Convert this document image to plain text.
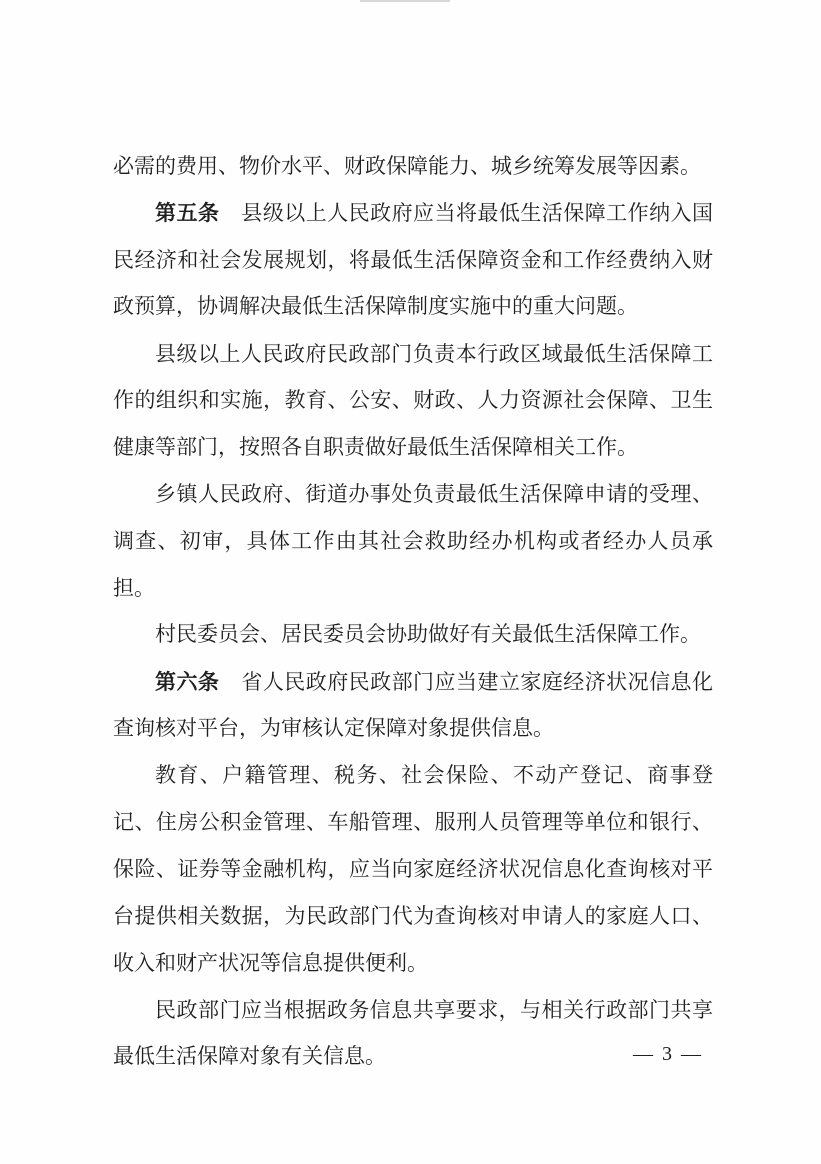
必需的费用、物价水平、财政保障能力、城乡统筹发展等因素。
第五条 县级以上人民政府应当将最低生活保障工作纳入国
民经济和社会发展规划，将最低生活保障资金和工作经费纳入财
政预算，协调解决最低生活保障制度实施中的重大问题。
县级以上人民政府民政部门负责本行政区域最低生活保障工
作的组织和实施，教育、公安、财政、人力资源社会保障、卫生
健康等部门，按照各自职责做好最低生活保障相关工作。
乡镇人民政府、街道办事处负责最低生活保障申请的受理、
调查、初审，具体工作由其社会救助经办机构或者经办人员承
担。
村民委员会、居民委员会协助做好有关最低生活保障工作。
第六条 省人民政府民政部门应当建立家庭经济状况信息化
查询核对平台，为审核认定保障对象提供信息。
教育、户籍管理、税务、社会保险、不动产登记、商事登
记、住房公积金管理、车船管理、服刑人员管理等单位和银行、
保险、证券等金融机构，应当向家庭经济状况信息化查询核对平
台提供相关数据，为民政部门代为查询核对申请人的家庭人口、
收入和财产状况等信息提供便利。
民政部门应当根据政务信息共享要求，与相关行政部门共享
最低生活保障对象有关信息。	— 3 —
